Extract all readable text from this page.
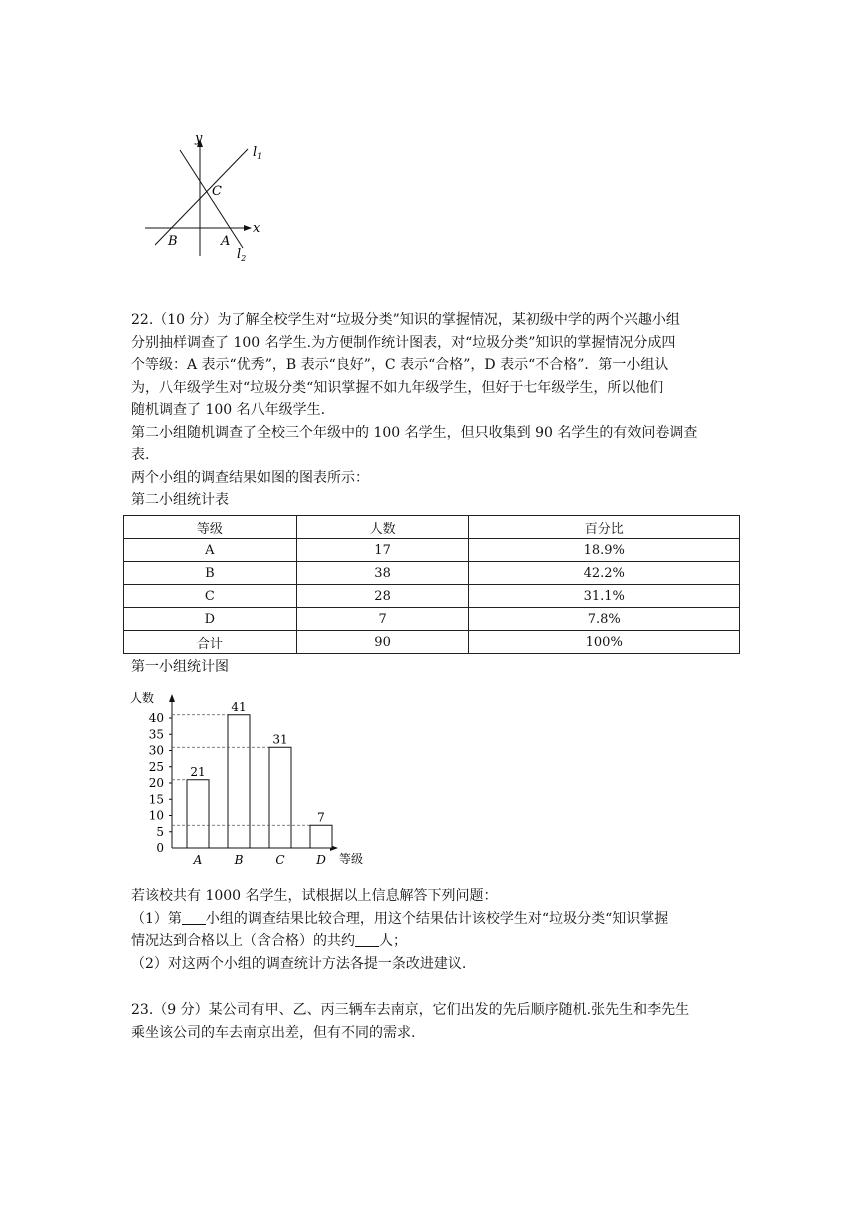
y
x
$l_1$
$l_2$
C
B	A
22.（10 分）为了解全校学生对“垃圾分类”知识的掌握情况，某初级中学的两个兴趣小组
分别抽样调查了 100 名学生.为方便制作统计图表，对“垃圾分类”知识的掌握情况分成四
个等级：A 表示“优秀”，B 表示“良好”，C 表示“合格”，D 表示“不合格”．第一小组认
为，八年级学生对“垃圾分类“知识掌握不如九年级学生，但好于七年级学生，所以他们
随机调查了 100 名八年级学生.
第二小组随机调查了全校三个年级中的 100 名学生，但只收集到 90 名学生的有效问卷调查
表.
两个小组的调查结果如图的图表所示：
第二小组统计表
等级	人数	百分比
A	17	18.9%
B	38	42.2%
C	28	31.1%
D	7	7.8%
合计	90	100%
第一小组统计图
人数
等级
0
5
10
15
20
25
30
35
40
21
A
41
B
31
C
7
D
若该校共有 1000 名学生，试根据以上信息解答下列问题：
（1）第 小组的调查结果比较合理，用这个结果估计该校学生对“垃圾分类“知识掌握
情况达到合格以上（含合格）的共约 人；
（2）对这两个小组的调查统计方法各提一条改进建议.
23.（9 分）某公司有甲、乙、丙三辆车去南京，它们出发的先后顺序随机.张先生和李先生
乘坐该公司的车去南京出差，但有不同的需求.
